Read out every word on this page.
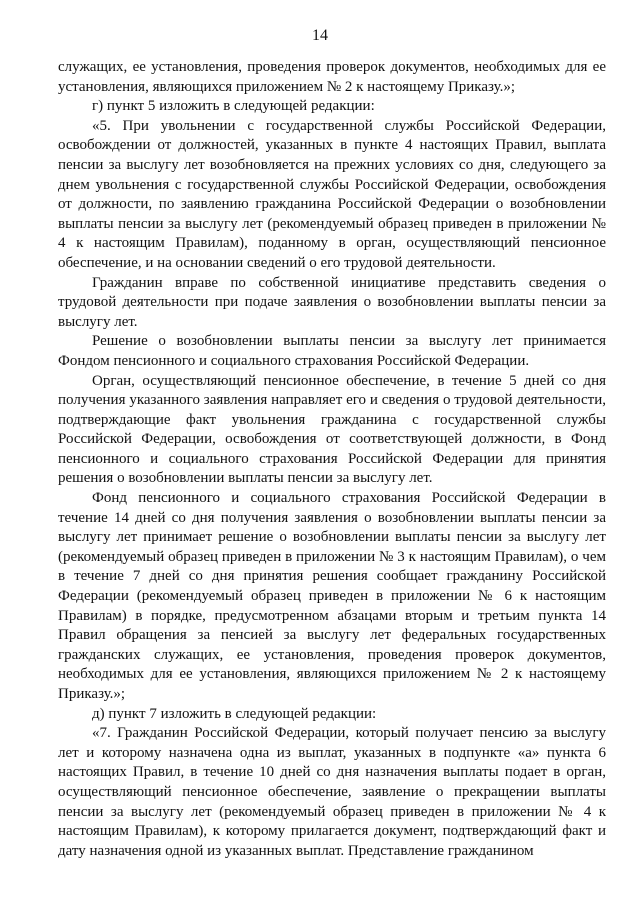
14

служащих, ее установления, проведения проверок документов, необходимых для ее установления, являющихся приложением № 2 к настоящему Приказу.»;

г) пункт 5 изложить в следующей редакции:

«5. При увольнении с государственной службы Российской Федерации, освобождении от должностей, указанных в пункте 4 настоящих Правил, выплата пенсии за выслугу лет возобновляется на прежних условиях со дня, следующего за днем увольнения с государственной службы Российской Федерации, освобождения от должности, по заявлению гражданина Российской Федерации о возобновлении выплаты пенсии за выслугу лет (рекомендуемый образец приведен в приложении № 4 к настоящим Правилам), поданному в орган, осуществляющий пенсионное обеспечение, и на основании сведений о его трудовой деятельности.

Гражданин вправе по собственной инициативе представить сведения о трудовой деятельности при подаче заявления о возобновлении выплаты пенсии за выслугу лет.

Решение о возобновлении выплаты пенсии за выслугу лет принимается Фондом пенсионного и социального страхования Российской Федерации.

Орган, осуществляющий пенсионное обеспечение, в течение 5 дней со дня получения указанного заявления направляет его и сведения о трудовой деятельности, подтверждающие факт увольнения гражданина с государственной службы Российской Федерации, освобождения от соответствующей должности, в Фонд пенсионного и социального страхования Российской Федерации для принятия решения о возобновлении выплаты пенсии за выслугу лет.

Фонд пенсионного и социального страхования Российской Федерации в течение 14 дней со дня получения заявления о возобновлении выплаты пенсии за выслугу лет принимает решение о возобновлении выплаты пенсии за выслугу лет (рекомендуемый образец приведен в приложении № 3 к настоящим Правилам), о чем в течение 7 дней со дня принятия решения сообщает гражданину Российской Федерации (рекомендуемый образец приведен в приложении № 6 к настоящим Правилам) в порядке, предусмотренном абзацами вторым и третьим пункта 14 Правил обращения за пенсией за выслугу лет федеральных государственных гражданских служащих, ее установления, проведения проверок документов, необходимых для ее установления, являющихся приложением № 2 к настоящему Приказу.»;

д) пункт 7 изложить в следующей редакции:

«7. Гражданин Российской Федерации, который получает пенсию за выслугу лет и которому назначена одна из выплат, указанных в подпункте «а» пункта 6 настоящих Правил, в течение 10 дней со дня назначения выплаты подает в орган, осуществляющий пенсионное обеспечение, заявление о прекращении выплаты пенсии за выслугу лет (рекомендуемый образец приведен в приложении № 4 к настоящим Правилам), к которому прилагается документ, подтверждающий факт и дату назначения одной из указанных выплат. Представление гражданином
